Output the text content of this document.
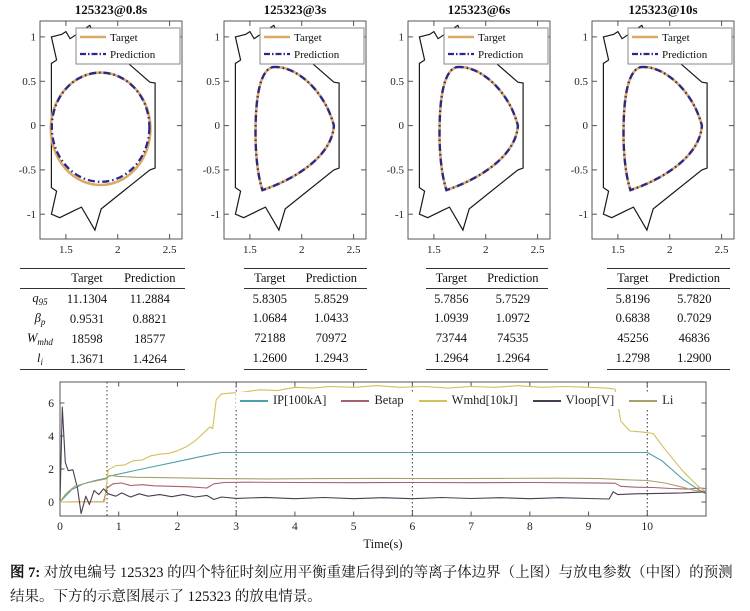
125323@0.8s
1
0.5
0
-0.5
-1
1.5	2	2.5
Target
Prediction
125323@3s
1
0.5
0
-0.5
-1
1.5	2	2.5
Target
Prediction
125323@6s
1
0.5
0
-0.5
-1
1.5	2	2.5
Target
Prediction
125323@10s
1
0.5
0
-0.5
-1
1.5	2	2.5
Target
Prediction
	Target	Prediction
$q_{95}$	11.1304	11.2884
$\beta_p$	0.9531	0.8821
$W_{mhd}$	18598	18577
$l_i$	1.3671	1.4264
Target	Prediction
5.8305	5.8529
1.0684	1.0433
72188	70972
1.2600	1.2943
Target	Prediction
5.7856	5.7529
1.0939	1.0972
73744	74535
1.2964	1.2964
Target	Prediction
5.8196	5.7820
0.6838	0.7029
45256	46836
1.2798	1.2900
0	1	2	3	4	5	6	7	8	9	10
0
2
4
6
Time(s)
IP[100kA]	Betap	Wmhd[10kJ]	Vloop[V]	Li

图 7: 对放电编号 125323 的四个特征时刻应用平衡重建后得到的等离子体边界（上图）与放电参数（中图）的预测结果。下方的示意图展示了 125323 的放电情景。
